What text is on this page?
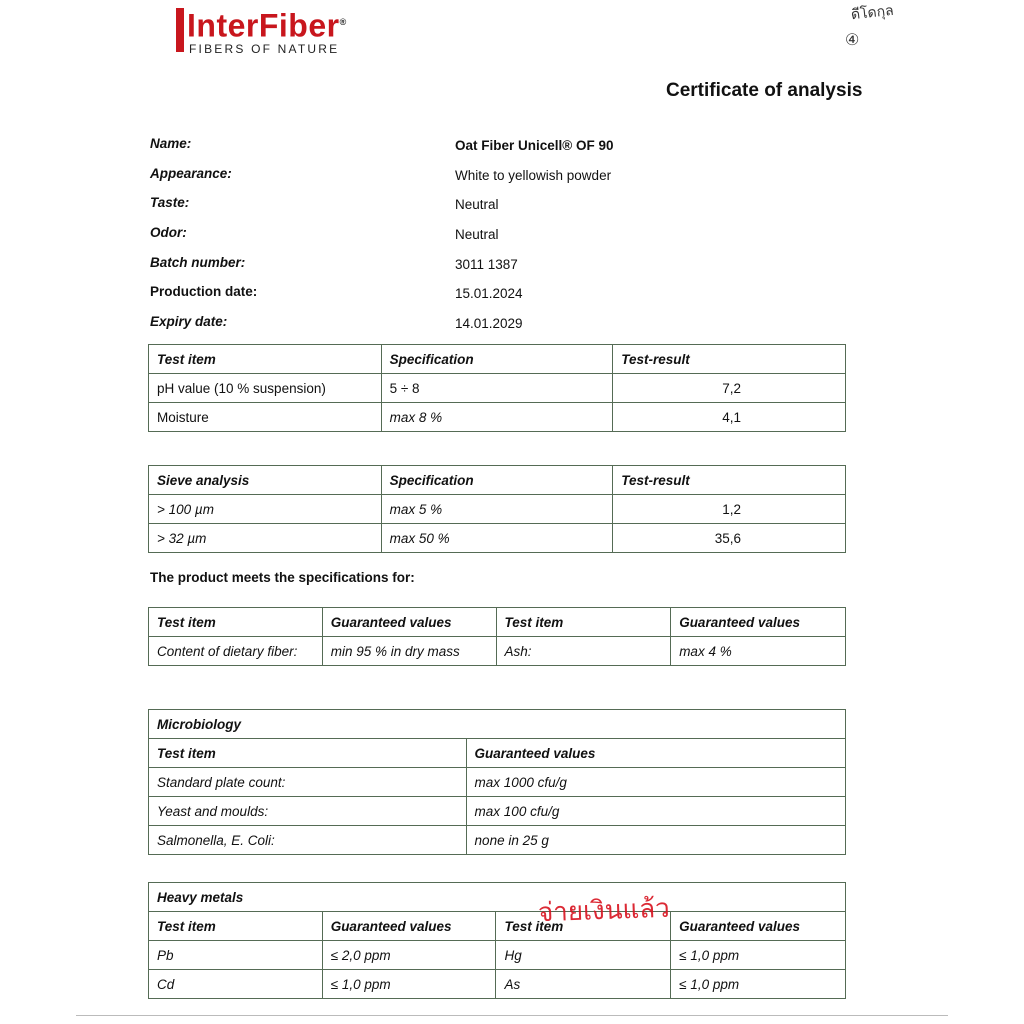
InterFiber®
FIBERS OF NATURE
ดีโดกุล
④
Certificate of analysis
Name:	Oat Fiber Unicell® OF 90
Appearance:	White to yellowish powder
Taste:	Neutral
Odor:	Neutral
Batch number:	3011 1387
Production date:	15.01.2024
Expiry date:	14.01.2029
Test item	Specification	Test-result
pH value (10 % suspension)	5 ÷ 8	7,2
Moisture	max 8 %	4,1
Sieve analysis	Specification	Test-result
> 100 µm	max 5 %	1,2
> 32 µm	max 50 %	35,6
The product meets the specifications for:
Test item	Guaranteed values	Test item	Guaranteed values
Content of dietary fiber:	min 95 % in dry mass	Ash:	max 4 %
Microbiology	
Test item	Guaranteed values
Standard plate count:	max 1000 cfu/g
Yeast and moulds:	max 100 cfu/g
Salmonella, E. Coli:	none in 25 g
Heavy metals			
Test item	Guaranteed values	Test item	Guaranteed values
Pb	≤ 2,0 ppm	Hg	≤ 1,0 ppm
Cd	≤ 1,0 ppm	As	≤ 1,0 ppm
จ่ายเงินแล้ว
